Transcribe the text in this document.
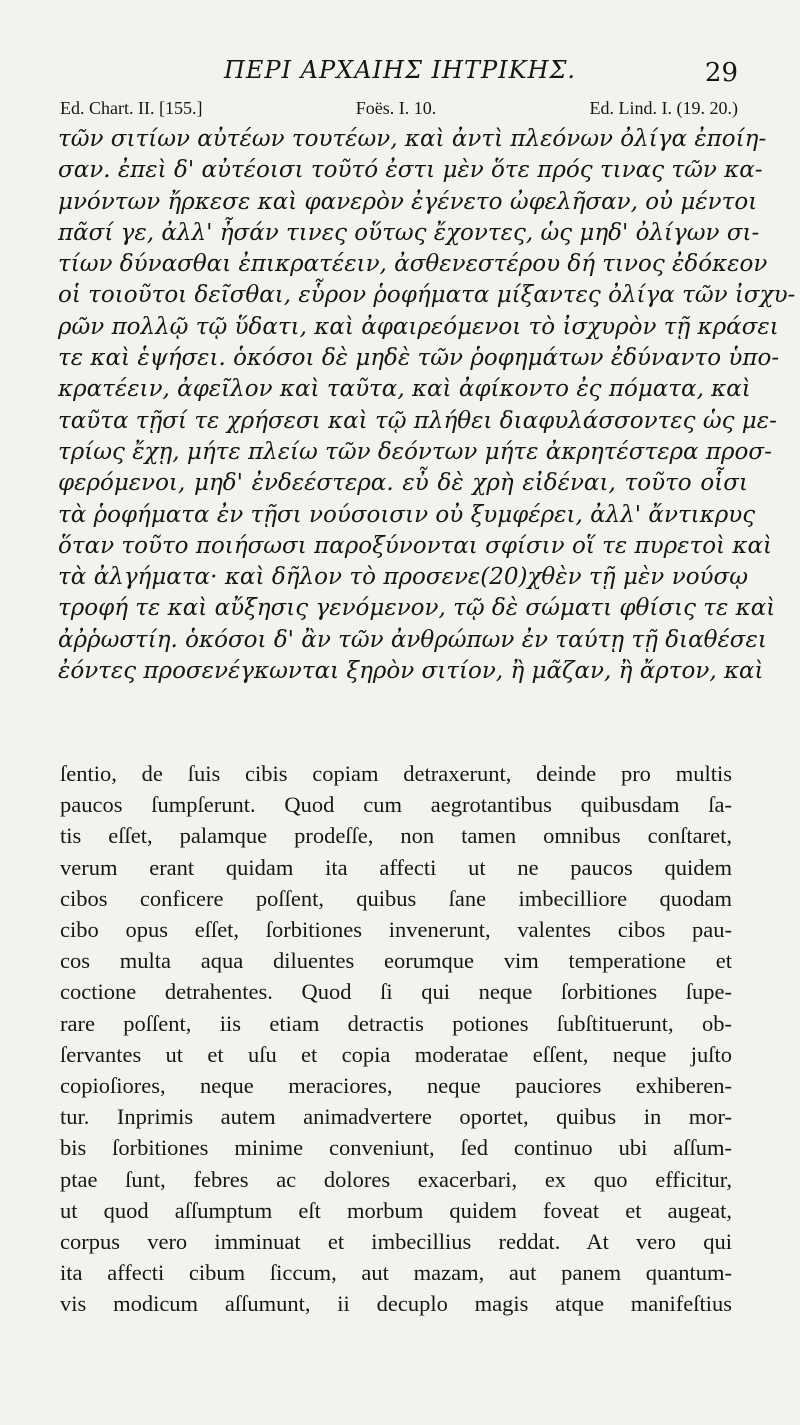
ΠΕΡΙ ΑΡΧΑΙΗΣ ΙΗΤΡΙΚΗΣ.	29
Ed. Chart. II. [155.]	Foës. I. 10.	Ed. Lind. I. (19. 20.)
τῶν σιτίων αὐτέων τουτέων, καὶ ἀντὶ πλεόνων ὀλίγα ἐποίη-
σαν. ἐπεὶ δ' αὐτέοισι τοῦτό ἐστι μὲν ὅτε πρός τινας τῶν κα-
μνόντων ἤρκεσε καὶ φανερὸν ἐγένετο ὠφελῆσαν, οὐ μέντοι
πᾶσί γε, ἀλλ' ἦσάν τινες οὕτως ἔχοντες, ὡς μηδ' ὀλίγων σι-
τίων δύνασθαι ἐπικρατέειν, ἀσθενεστέρου δή τινος ἐδόκεον
οἱ τοιοῦτοι δεῖσθαι, εὗρον ῥοφήματα μίξαντες ὀλίγα τῶν ἰσχυ-
ρῶν πολλῷ τῷ ὕδατι, καὶ ἀφαιρεόμενοι τὸ ἰσχυρὸν τῇ κράσει
τε καὶ ἑψήσει. ὁκόσοι δὲ μηδὲ τῶν ῥοφημάτων ἐδύναντο ὑπο-
κρατέειν, ἀφεῖλον καὶ ταῦτα, καὶ ἀφίκοντο ἐς πόματα, καὶ
ταῦτα τῇσί τε χρήσεσι καὶ τῷ πλήθει διαφυλάσσοντες ὡς με-
τρίως ἔχῃ, μήτε πλείω τῶν δεόντων μήτε ἀκρητέστερα προσ-
φερόμενοι, μηδ' ἐνδεέστερα. εὖ δὲ χρὴ εἰδέναι, τοῦτο οἷσι
τὰ ῥοφήματα ἐν τῇσι νούσοισιν οὐ ξυμφέρει, ἀλλ' ἄντικρυς
ὅταν τοῦτο ποιήσωσι παροξύνονται σφίσιν οἵ τε πυρετοὶ καὶ
τὰ ἀλγήματα· καὶ δῆλον τὸ προσενε(20)χθὲν τῇ μὲν νούσῳ
τροφή τε καὶ αὔξησις γενόμενον, τῷ δὲ σώματι φθίσις τε καὶ
ἀῤῥωστίη. ὁκόσοι δ' ἂν τῶν ἀνθρώπων ἐν ταύτῃ τῇ διαθέσει
ἐόντες προσενέγκωνται ξηρὸν σιτίον, ἢ μᾶζαν, ἢ ἄρτον, καὶ
ſentio, de ſuis cibis copiam detraxerunt, deinde pro multis
paucos ſumpſerunt. Quod cum aegrotantibus quibusdam ſa-
tis eſſet, palamque prodeſſe, non tamen omnibus conſtaret,
verum erant quidam ita affecti ut ne paucos quidem
cibos conficere poſſent, quibus ſane imbecilliore quodam
cibo opus eſſet, ſorbitiones invenerunt, valentes cibos pau-
cos multa aqua diluentes eorumque vim temperatione et
coctione detrahentes. Quod ſi qui neque ſorbitiones ſupe-
rare poſſent, iis etiam detractis potiones ſubſtituerunt, ob-
ſervantes ut et uſu et copia moderatae eſſent, neque juſto
copioſiores, neque meraciores, neque pauciores exhiberen-
tur. Inprimis autem animadvertere oportet, quibus in mor-
bis ſorbitiones minime conveniunt, ſed continuo ubi aſſum-
ptae ſunt, febres ac dolores exacerbari, ex quo efficitur,
ut quod aſſumptum eſt morbum quidem foveat et augeat,
corpus vero imminuat et imbecillius reddat. At vero qui
ita affecti cibum ſiccum, aut mazam, aut panem quantum-
vis modicum aſſumunt, ii decuplo magis atque manifeſtius
